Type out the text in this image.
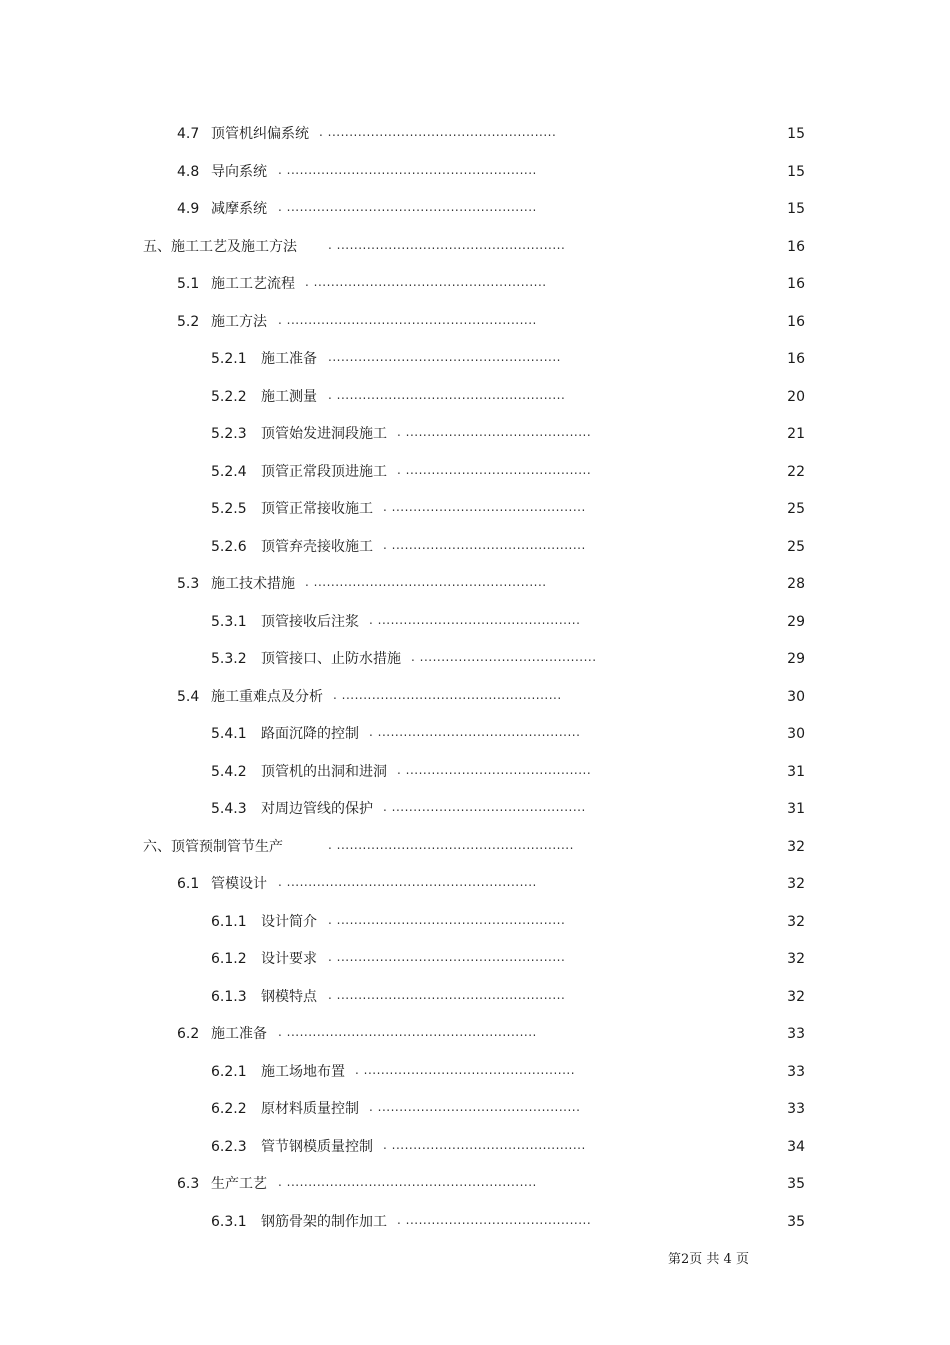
4.7 顶管机纠偏系统 . .....................................................	15
4.8 导向系统 . ..........................................................	15
4.9 减摩系统 . ..........................................................	15
五、施工工艺及施工方法	. .....................................................	16
5.1 施工工艺流程 . ......................................................	16
5.2 施工方法 . ..........................................................	16
5.2.1 施工准备 ......................................................	16
5.2.2 施工测量 . .....................................................	20
5.2.3 顶管始发进洞段施工 . ...........................................	21
5.2.4 顶管正常段顶进施工 . ...........................................	22
5.2.5 顶管正常接收施工 . .............................................	25
5.2.6 顶管弃壳接收施工 . .............................................	25
5.3 施工技术措施 . ......................................................	28
5.3.1 顶管接收后注浆 . ...............................................	29
5.3.2 顶管接口、止防水措施 . .........................................	29
5.4 施工重难点及分析 . ...................................................	30
5.4.1 路面沉降的控制 . ...............................................	30
5.4.2 顶管机的出洞和进洞 . ...........................................	31
5.4.3 对周边管线的保护 . .............................................	31
六、顶管预制管节生产	. .......................................................	32
6.1 管模设计 . ..........................................................	32
6.1.1 设计简介 . .....................................................	32
6.1.2 设计要求 . .....................................................	32
6.1.3 钢模特点 . .....................................................	32
6.2 施工准备 . ..........................................................	33
6.2.1 施工场地布置 . .................................................	33
6.2.2 原材料质量控制 . ...............................................	33
6.2.3 管节钢模质量控制 . .............................................	34
6.3 生产工艺 . ..........................................................	35
6.3.1 钢筋骨架的制作加工 . ...........................................	35
第2页 共 4 页
